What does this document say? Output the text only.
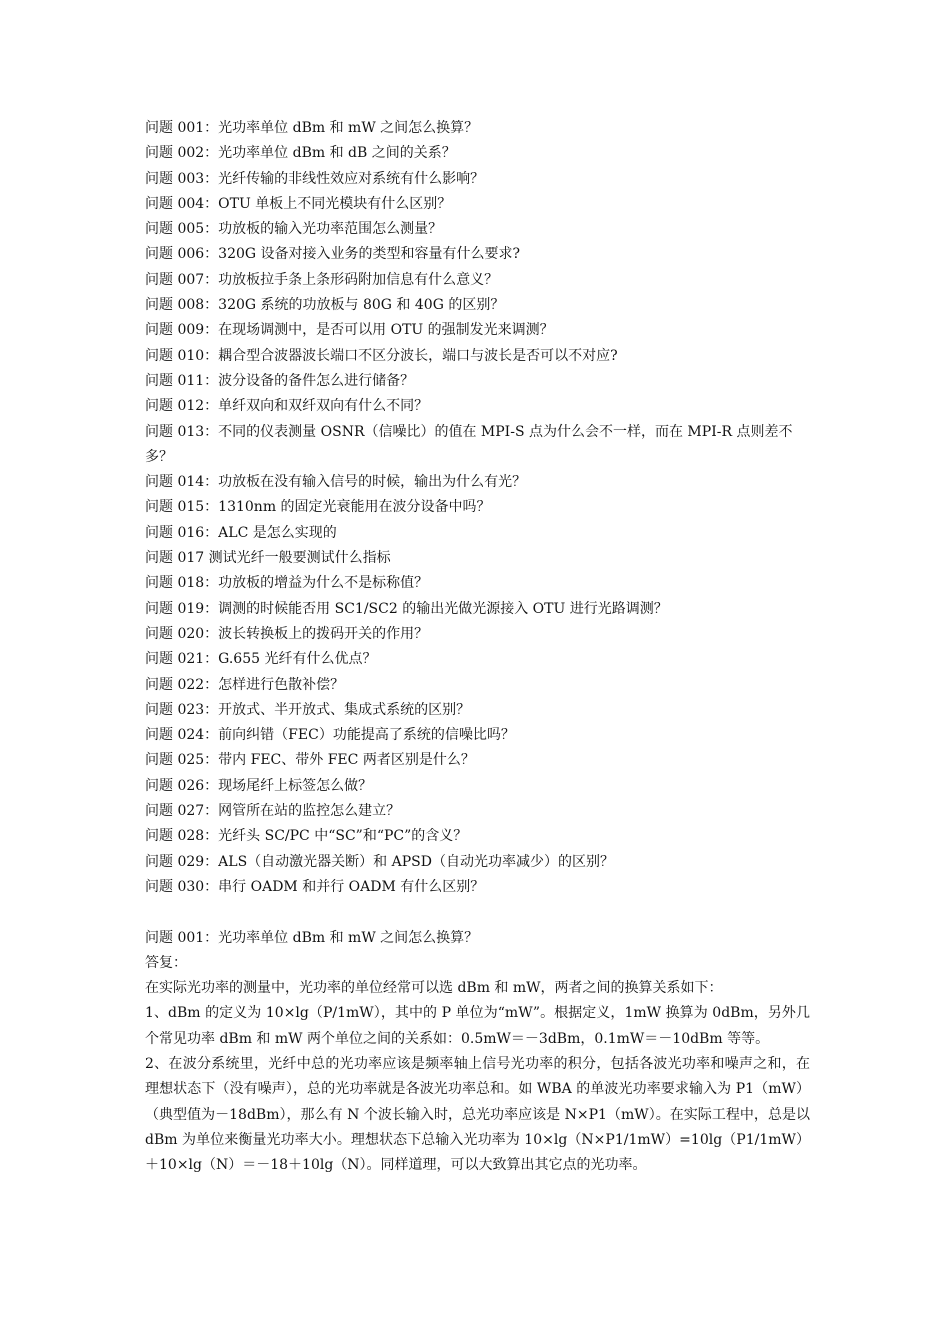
问题 001：光功率单位 dBm 和 mW 之间怎么换算？
问题 002：光功率单位 dBm 和 dB 之间的关系？
问题 003：光纤传输的非线性效应对系统有什么影响？
问题 004：OTU 单板上不同光模块有什么区别？
问题 005：功放板的输入光功率范围怎么测量？
问题 006：320G 设备对接入业务的类型和容量有什么要求?
问题 007：功放板拉手条上条形码附加信息有什么意义？
问题 008：320G 系统的功放板与 80G 和 40G 的区别？
问题 009：在现场调测中，是否可以用 OTU 的强制发光来调测？
问题 010：耦合型合波器波长端口不区分波长，端口与波长是否可以不对应?
问题 011：波分设备的备件怎么进行储备？
问题 012：单纤双向和双纤双向有什么不同？
问题 013：不同的仪表测量 OSNR（信噪比）的值在 MPI-S 点为什么会不一样，而在 MPI-R 点则差不多？
问题 014：功放板在没有输入信号的时候，输出为什么有光？
问题 015：1310nm 的固定光衰能用在波分设备中吗？
问题 016：ALC 是怎么实现的
问题 017 测试光纤一般要测试什么指标
问题 018：功放板的增益为什么不是标称值？
问题 019：调测的时候能否用 SC1/SC2 的输出光做光源接入 OTU 进行光路调测？
问题 020：波长转换板上的拨码开关的作用？
问题 021：G.655 光纤有什么优点？
问题 022：怎样进行色散补偿？
问题 023：开放式、半开放式、集成式系统的区别？
问题 024：前向纠错（FEC）功能提高了系统的信噪比吗？
问题 025：带内 FEC、带外 FEC 两者区别是什么？
问题 026：现场尾纤上标签怎么做？
问题 027：网管所在站的监控怎么建立？
问题 028：光纤头 SC/PC 中“SC”和“PC”的含义？
问题 029：ALS（自动激光器关断）和 APSD（自动光功率减少）的区别？
问题 030：串行 OADM 和并行 OADM 有什么区别？
问题 001：光功率单位 dBm 和 mW 之间怎么换算？
答复：
在实际光功率的测量中，光功率的单位经常可以选 dBm 和 mW，两者之间的换算关系如下：
1、dBm 的定义为 10×lg（P/1mW），其中的 P 单位为“mW”。根据定义，1mW 换算为 0dBm，另外几个常见功率 dBm 和 mW 两个单位之间的关系如：0.5mW＝－3dBm，0.1mW＝－10dBm 等等。
2、在波分系统里，光纤中总的光功率应该是频率轴上信号光功率的积分，包括各波光功率和噪声之和，在理想状态下（没有噪声），总的光功率就是各波光功率总和。如 WBA 的单波光功率要求输入为 P1（mW）（典型值为－18dBm），那么有 N 个波长输入时，总光功率应该是 N×P1（mW）。在实际工程中，总是以 dBm 为单位来衡量光功率大小。理想状态下总输入光功率为 10×lg（N×P1/1mW）=10lg（P1/1mW）＋10×lg（N）＝－18＋10lg（N）。同样道理，可以大致算出其它点的光功率。
